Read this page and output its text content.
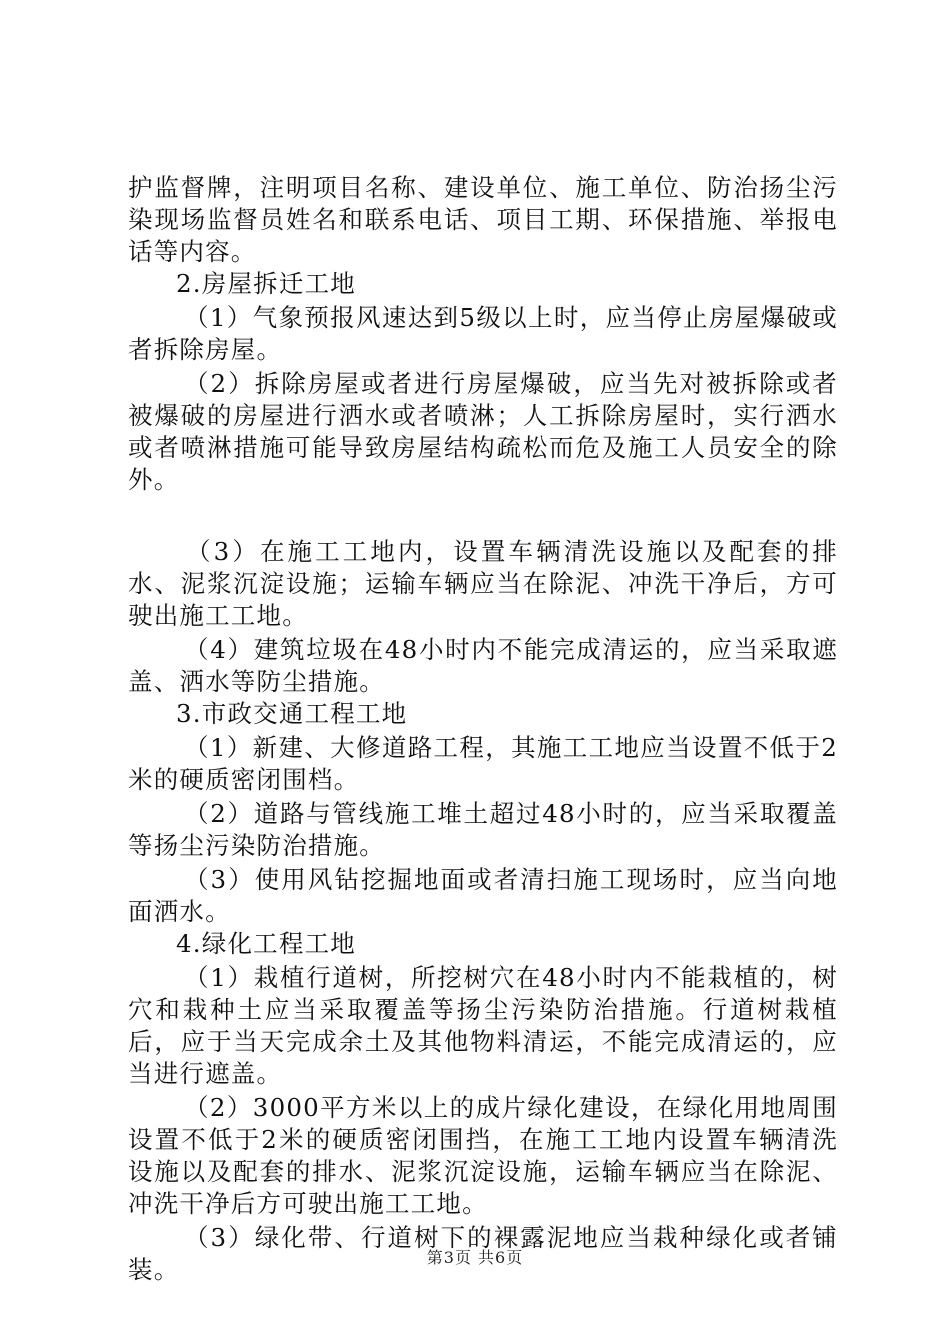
护监督牌，注明项目名称、建设单位、施工单位、防治扬尘污染现场监督员姓名和联系电话、项目工期、环保措施、举报电话等内容。

2.房屋拆迁工地

（1）气象预报风速达到5级以上时，应当停止房屋爆破或者拆除房屋。

（2）拆除房屋或者进行房屋爆破，应当先对被拆除或者被爆破的房屋进行洒水或者喷淋；人工拆除房屋时，实行洒水或者喷淋措施可能导致房屋结构疏松而危及施工人员安全的除外。

（3）在施工工地内，设置车辆清洗设施以及配套的排水、泥浆沉淀设施；运输车辆应当在除泥、冲洗干净后，方可驶出施工工地。

（4）建筑垃圾在48小时内不能完成清运的，应当采取遮盖、洒水等防尘措施。

3.市政交通工程工地

（1）新建、大修道路工程，其施工工地应当设置不低于2米的硬质密闭围档。

（2）道路与管线施工堆土超过48小时的，应当采取覆盖等扬尘污染防治措施。

（3）使用风钻挖掘地面或者清扫施工现场时，应当向地面洒水。

4.绿化工程工地

（1）栽植行道树，所挖树穴在48小时内不能栽植的，树穴和栽种土应当采取覆盖等扬尘污染防治措施。行道树栽植后，应于当天完成余土及其他物料清运，不能完成清运的，应当进行遮盖。

（2）3000平方米以上的成片绿化建设，在绿化用地周围设置不低于2米的硬质密闭围挡，在施工工地内设置车辆清洗设施以及配套的排水、泥浆沉淀设施，运输车辆应当在除泥、冲洗干净后方可驶出施工工地。

（3）绿化带、行道树下的裸露泥地应当栽种绿化或者铺装。	第3页 共6页
